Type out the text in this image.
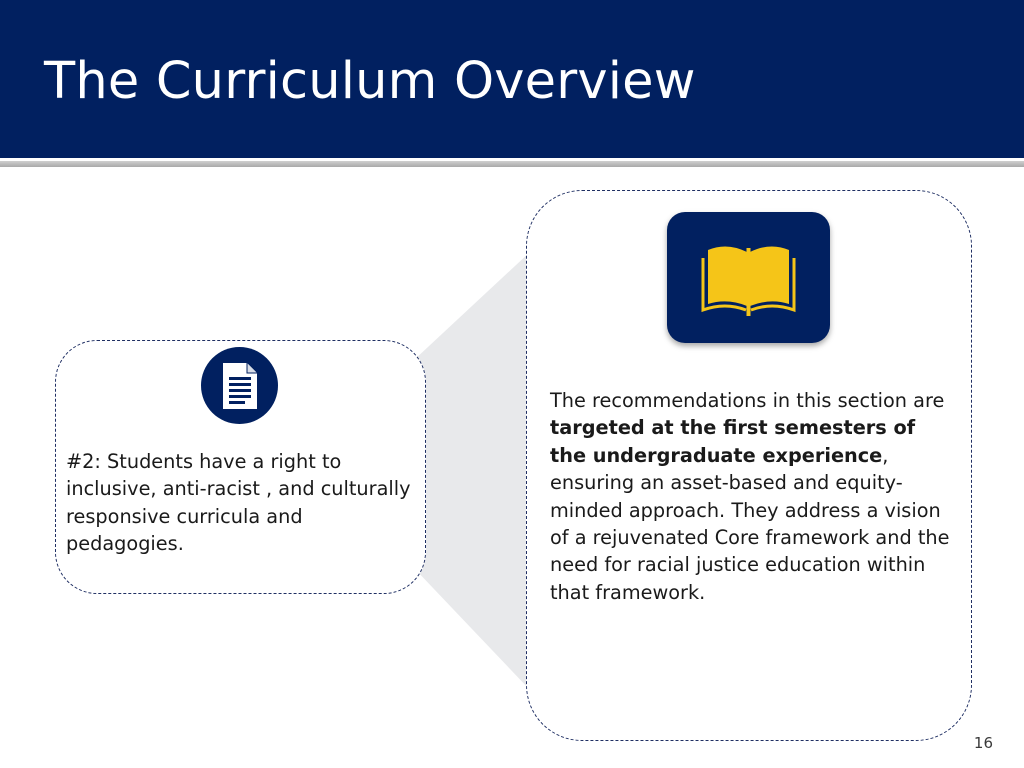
The Curriculum Overview

#2: Students have a right to inclusive, anti-racist , and culturally responsive curricula and pedagogies.

The recommendations in this section are targeted at the first semesters of the undergraduate experience, ensuring an asset-based and equity-minded approach. They address a vision of a rejuvenated Core framework and the need for racial justice education within that framework.

16
